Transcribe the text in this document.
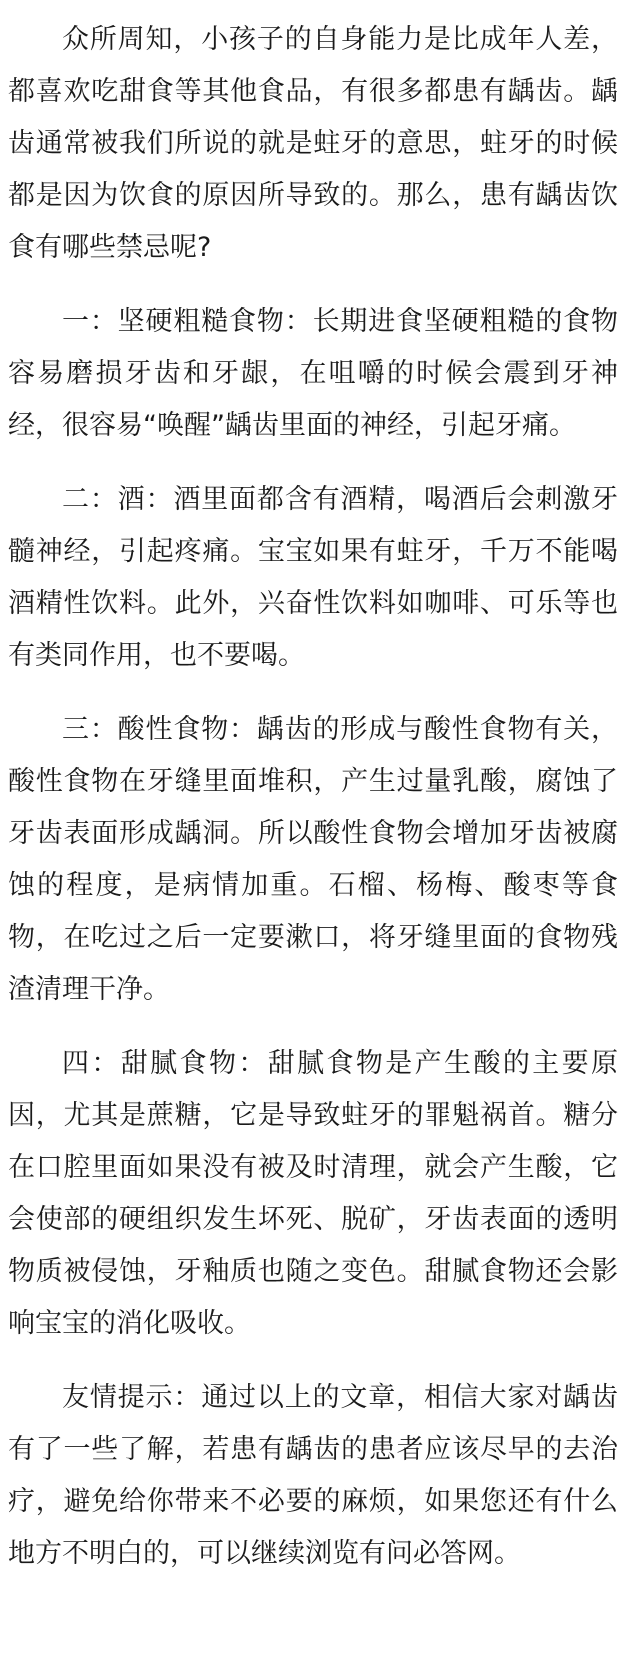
众所周知，小孩子的自身能力是比成年人差，都喜欢吃甜食等其他食品，有很多都患有龋齿。龋齿通常被我们所说的就是蛀牙的意思，蛀牙的时候都是因为饮食的原因所导致的。那么，患有龋齿饮食有哪些禁忌呢?

一：坚硬粗糙食物：长期进食坚硬粗糙的食物容易磨损牙齿和牙龈，在咀嚼的时候会震到牙神经，很容易“唤醒”龋齿里面的神经，引起牙痛。

二：酒：酒里面都含有酒精，喝酒后会刺激牙髓神经，引起疼痛。宝宝如果有蛀牙，千万不能喝酒精性饮料。此外，兴奋性饮料如咖啡、可乐等也有类同作用，也不要喝。

三：酸性食物：龋齿的形成与酸性食物有关，酸性食物在牙缝里面堆积，产生过量乳酸，腐蚀了牙齿表面形成龋洞。所以酸性食物会增加牙齿被腐蚀的程度，是病情加重。石榴、杨梅、酸枣等食物，在吃过之后一定要漱口，将牙缝里面的食物残渣清理干净。

四：甜腻食物：甜腻食物是产生酸的主要原因，尤其是蔗糖，它是导致蛀牙的罪魁祸首。糖分在口腔里面如果没有被及时清理，就会产生酸，它会使部的硬组织发生坏死、脱矿，牙齿表面的透明物质被侵蚀，牙釉质也随之变色。甜腻食物还会影响宝宝的消化吸收。

友情提示：通过以上的文章，相信大家对龋齿有了一些了解，若患有龋齿的患者应该尽早的去治疗，避免给你带来不必要的麻烦，如果您还有什么地方不明白的，可以继续浏览有问必答网。
